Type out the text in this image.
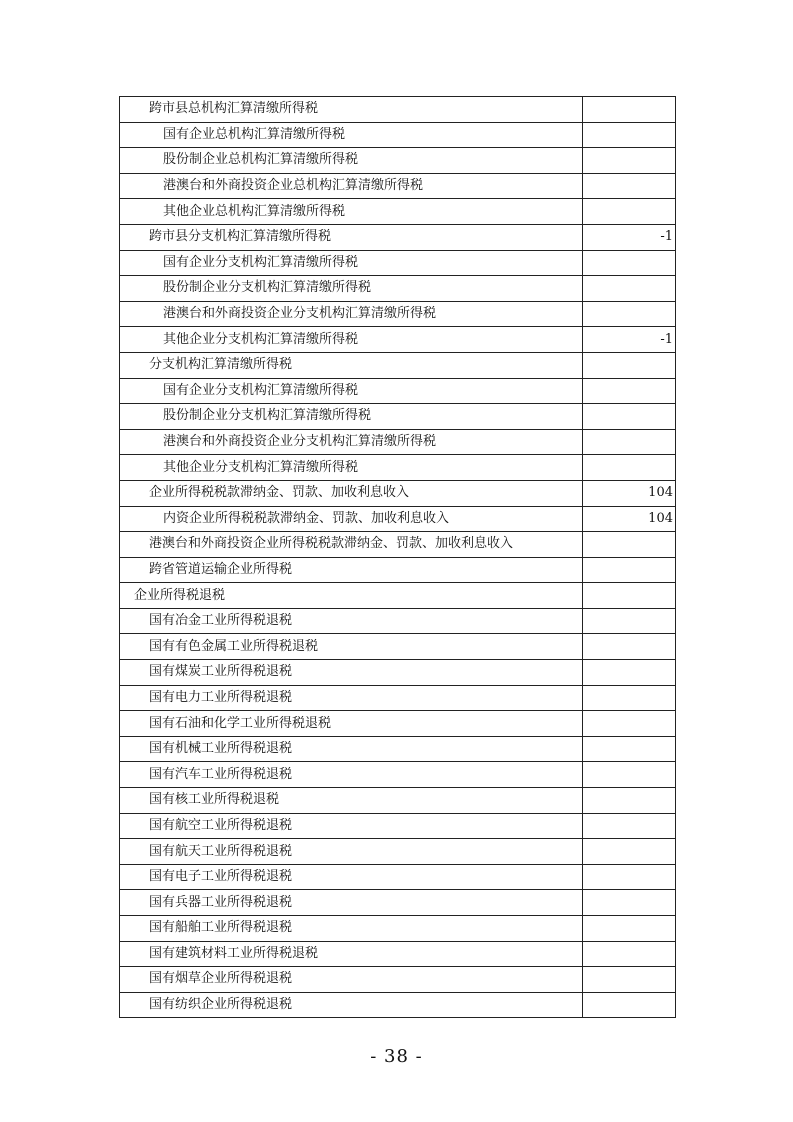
跨市县总机构汇算清缴所得税	
国有企业总机构汇算清缴所得税	
股份制企业总机构汇算清缴所得税	
港澳台和外商投资企业总机构汇算清缴所得税	
其他企业总机构汇算清缴所得税	
跨市县分支机构汇算清缴所得税	-1
国有企业分支机构汇算清缴所得税	
股份制企业分支机构汇算清缴所得税	
港澳台和外商投资企业分支机构汇算清缴所得税	
其他企业分支机构汇算清缴所得税	-1
分支机构汇算清缴所得税	
国有企业分支机构汇算清缴所得税	
股份制企业分支机构汇算清缴所得税	
港澳台和外商投资企业分支机构汇算清缴所得税	
其他企业分支机构汇算清缴所得税	
企业所得税税款滞纳金、罚款、加收利息收入	104
内资企业所得税税款滞纳金、罚款、加收利息收入	104
港澳台和外商投资企业所得税税款滞纳金、罚款、加收利息收入	
跨省管道运输企业所得税	
企业所得税退税	
国有冶金工业所得税退税	
国有有色金属工业所得税退税	
国有煤炭工业所得税退税	
国有电力工业所得税退税	
国有石油和化学工业所得税退税	
国有机械工业所得税退税	
国有汽车工业所得税退税	
国有核工业所得税退税	
国有航空工业所得税退税	
国有航天工业所得税退税	
国有电子工业所得税退税	
国有兵器工业所得税退税	
国有船舶工业所得税退税	
国有建筑材料工业所得税退税	
国有烟草企业所得税退税	
国有纺织企业所得税退税	
- 38 -
